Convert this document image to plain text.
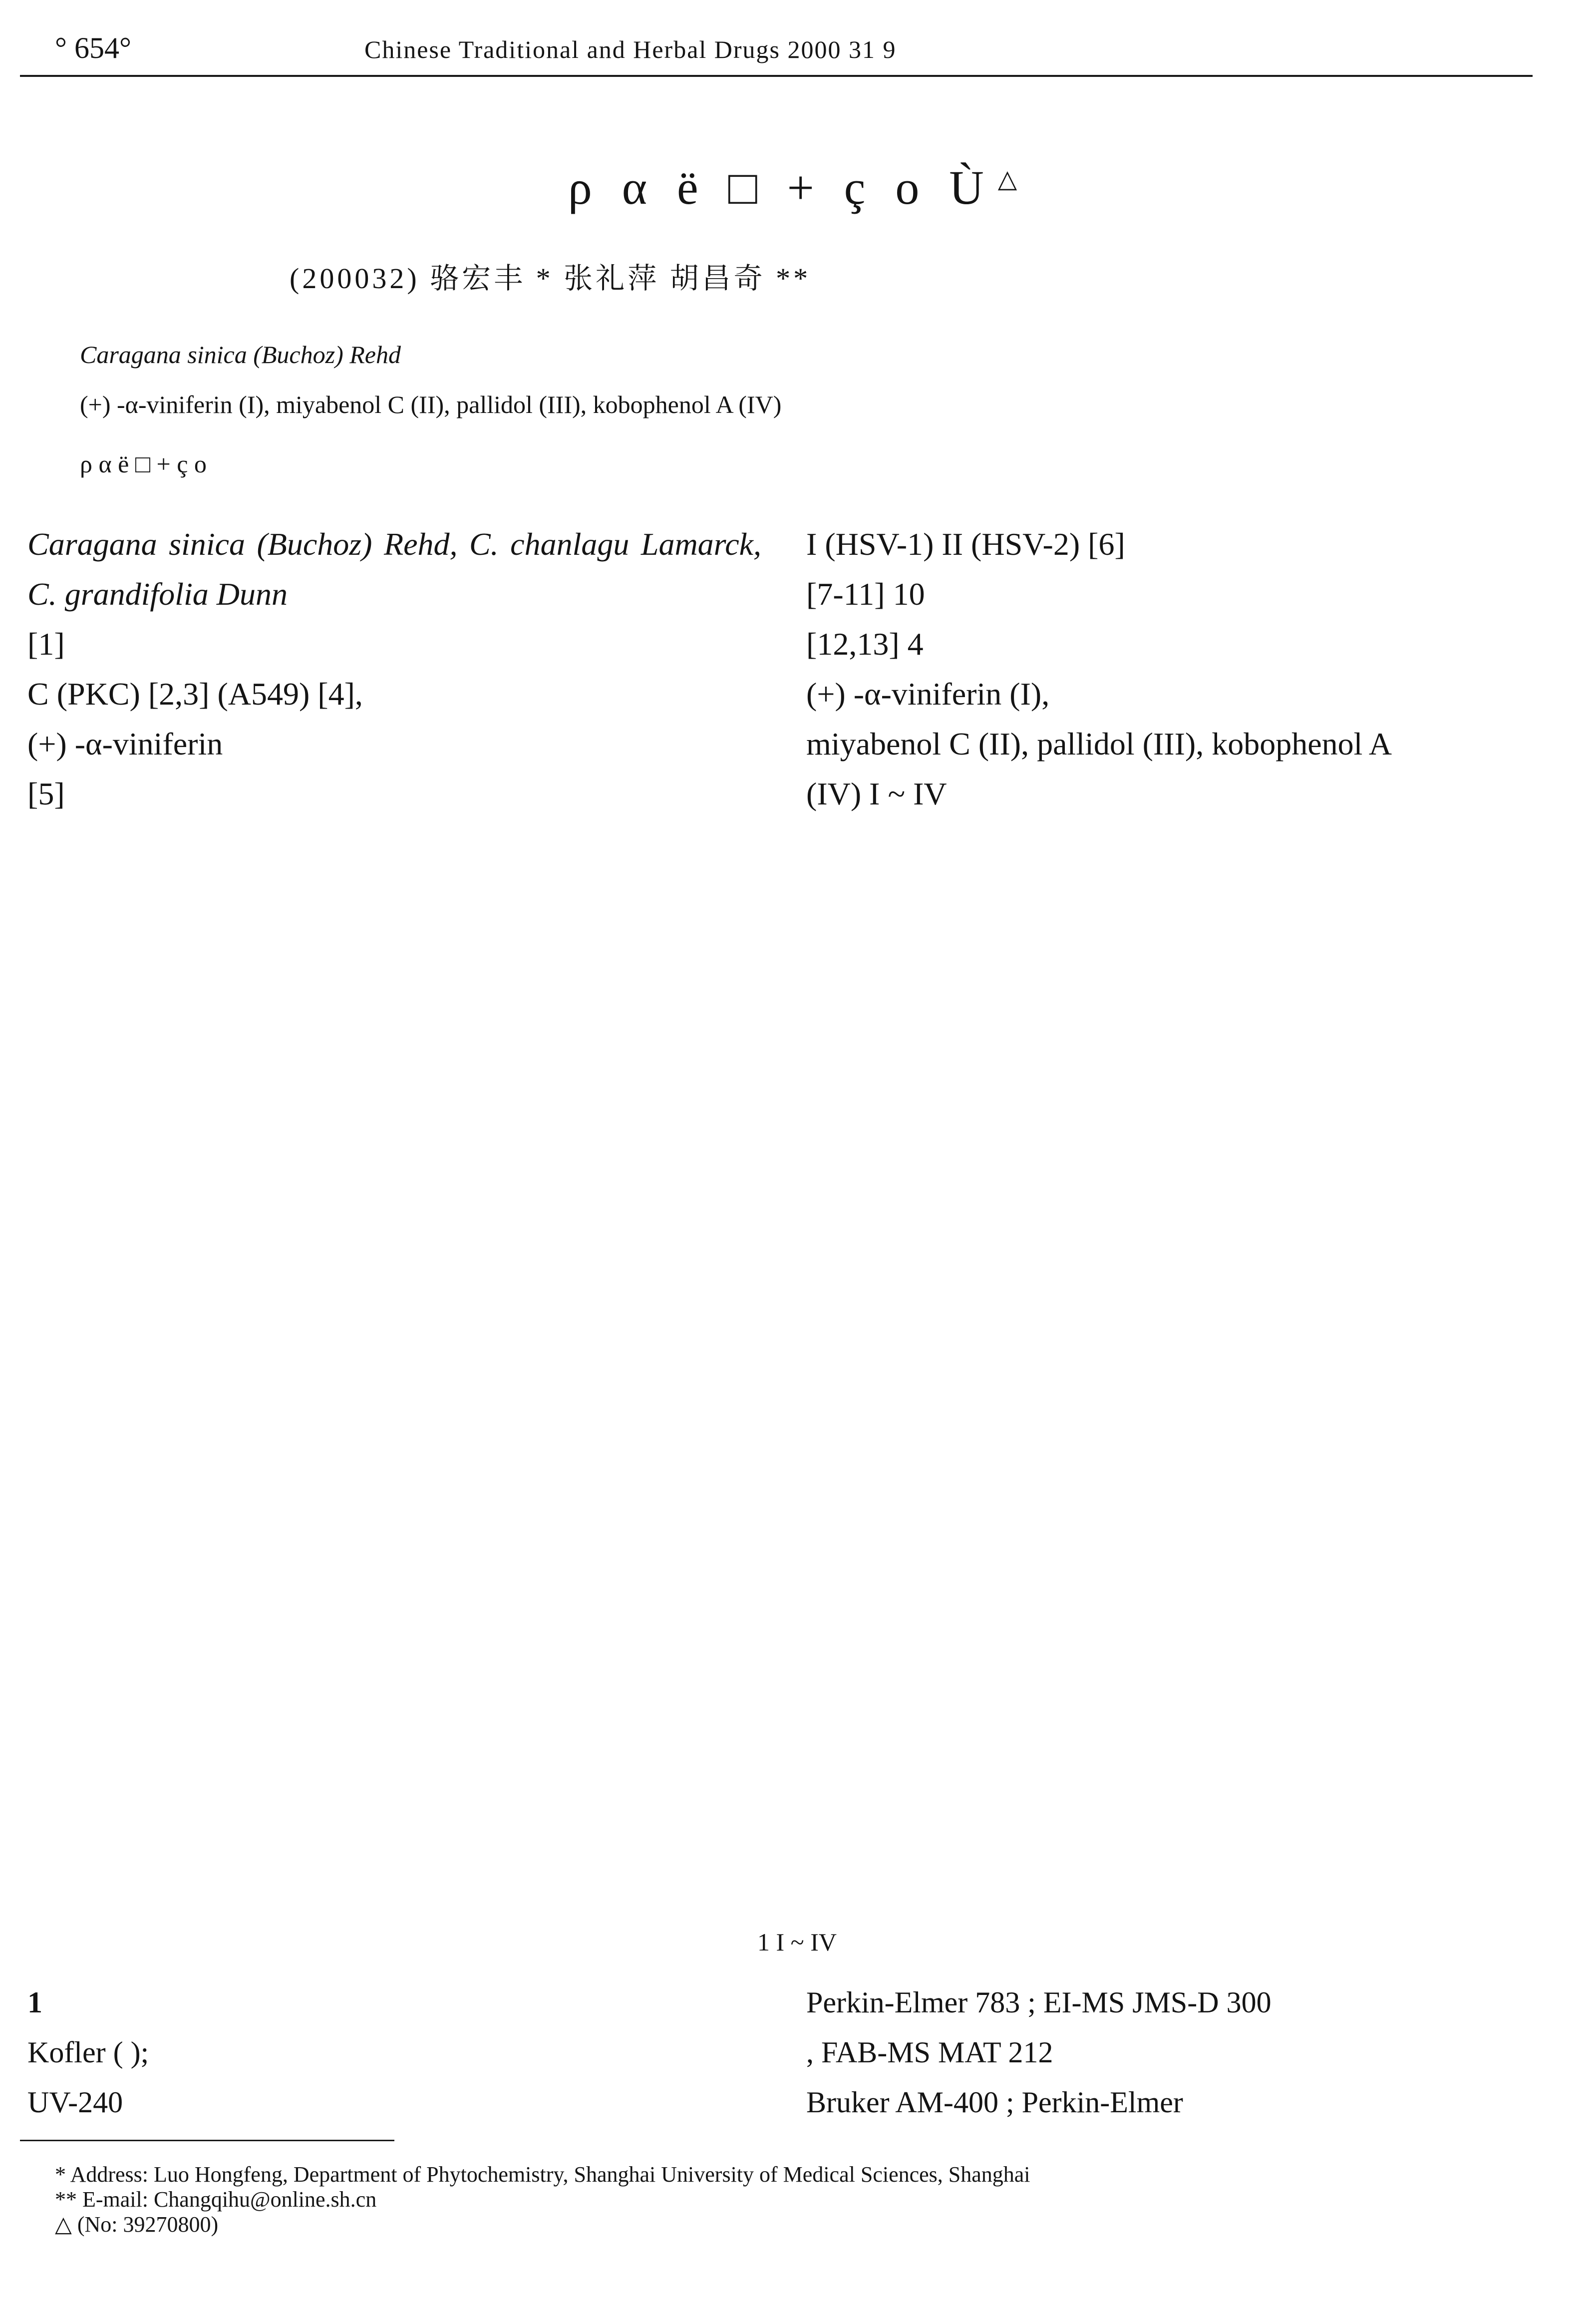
° 654°	Chinese Traditional and Herbal Drugs 2000 31 9
ρ α ë □ + ç o Ù △
(200032) 骆宏丰 * 张礼萍 胡昌奇 **
Caragana sinica (Buchoz) Rehd
(+) -α-viniferin (I), miyabenol C (II), pallidol (III), kobophenol A (IV)
ρ α ë □ + ç o

Caragana sinica (Buchoz) Rehd, C. chanlagu Lamarck, C. grandifolia Dunn

[1]

C (PKC) [2,3] (A549) [4],

(+) -α-viniferin

[5]

I (HSV-1) II (HSV-2) [6]

[7-11] 10

[12,13] 4

(+) -α-viniferin (I),

miyabenol C (II), pallidol (III), kobophenol A

(IV) I ~ IV

1 I ~ IV
1
Kofler ( );
UV-240
Perkin-Elmer 783 ; EI-MS JMS-D 300
, FAB-MS MAT 212
Bruker AM-400 ; Perkin-Elmer
* Address: Luo Hongfeng, Department of Phytochemistry, Shanghai University of Medical Sciences, Shanghai
** E-mail: Changqihu@online.sh.cn
△ (No: 39270800)
